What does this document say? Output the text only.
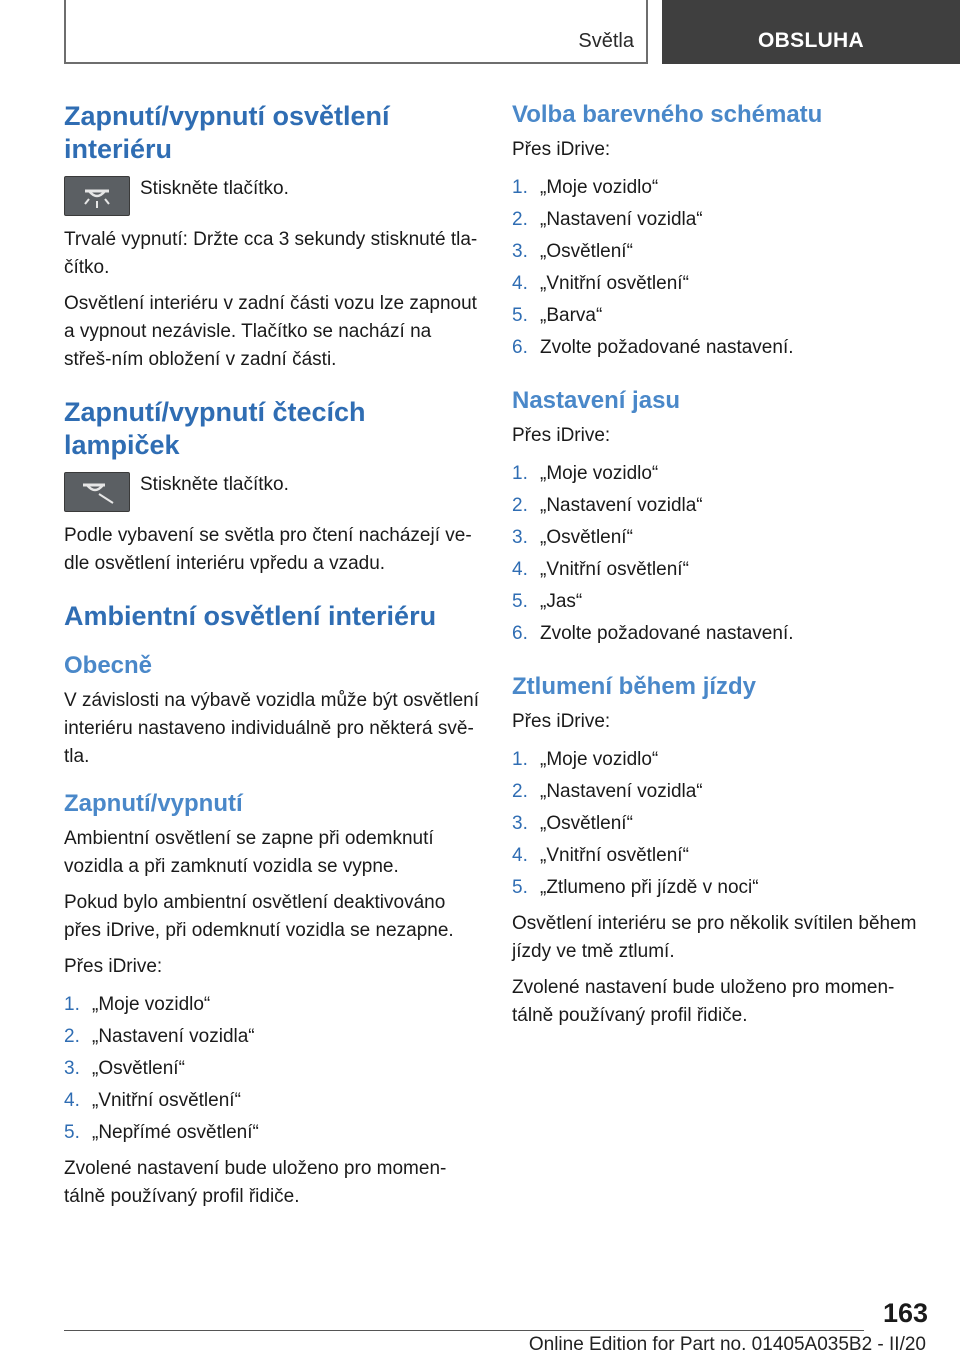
Světla	OBSLUHA
Zapnutí/vypnutí osvětlení interiéru
Stiskněte tlačítko.
Trvalé vypnutí: Držte cca 3 sekundy stisknuté tla‐čítko.
Osvětlení interiéru v zadní části vozu lze zapnout a vypnout nezávisle. Tlačítko se nachází na střeš‐ním obložení v zadní části.
Zapnutí/vypnutí čtecích lampiček
Stiskněte tlačítko.
Podle vybavení se světla pro čtení nacházejí ve‐dle osvětlení interiéru vpředu a vzadu.
Ambientní osvětlení interiéru
Obecně
V závislosti na výbavě vozidla může být osvětlení interiéru nastaveno individuálně pro některá svě‐tla.
Zapnutí/vypnutí
Ambientní osvětlení se zapne při odemknutí vozidla a při zamknutí vozidla se vypne.
Pokud bylo ambientní osvětlení deaktivováno přes iDrive, při odemknutí vozidla se nezapne.
Přes iDrive:
1. „Moje vozidlo“
2. „Nastavení vozidla“
3. „Osvětlení“
4. „Vnitřní osvětlení“
5. „Nepřímé osvětlení“
Zvolené nastavení bude uloženo pro momen‐tálně používaný profil řidiče.
Volba barevného schématu
Přes iDrive:
1. „Moje vozidlo“
2. „Nastavení vozidla“
3. „Osvětlení“
4. „Vnitřní osvětlení“
5. „Barva“
6. Zvolte požadované nastavení.
Nastavení jasu
Přes iDrive:
1. „Moje vozidlo“
2. „Nastavení vozidla“
3. „Osvětlení“
4. „Vnitřní osvětlení“
5. „Jas“
6. Zvolte požadované nastavení.
Ztlumení během jízdy
Přes iDrive:
1. „Moje vozidlo“
2. „Nastavení vozidla“
3. „Osvětlení“
4. „Vnitřní osvětlení“
5. „Ztlumeno při jízdě v noci“
Osvětlení interiéru se pro několik svítilen během jízdy ve tmě ztlumí.
Zvolené nastavení bude uloženo pro momen‐tálně používaný profil řidiče.
163
Online Edition for Part no. 01405A035B2 - II/20
